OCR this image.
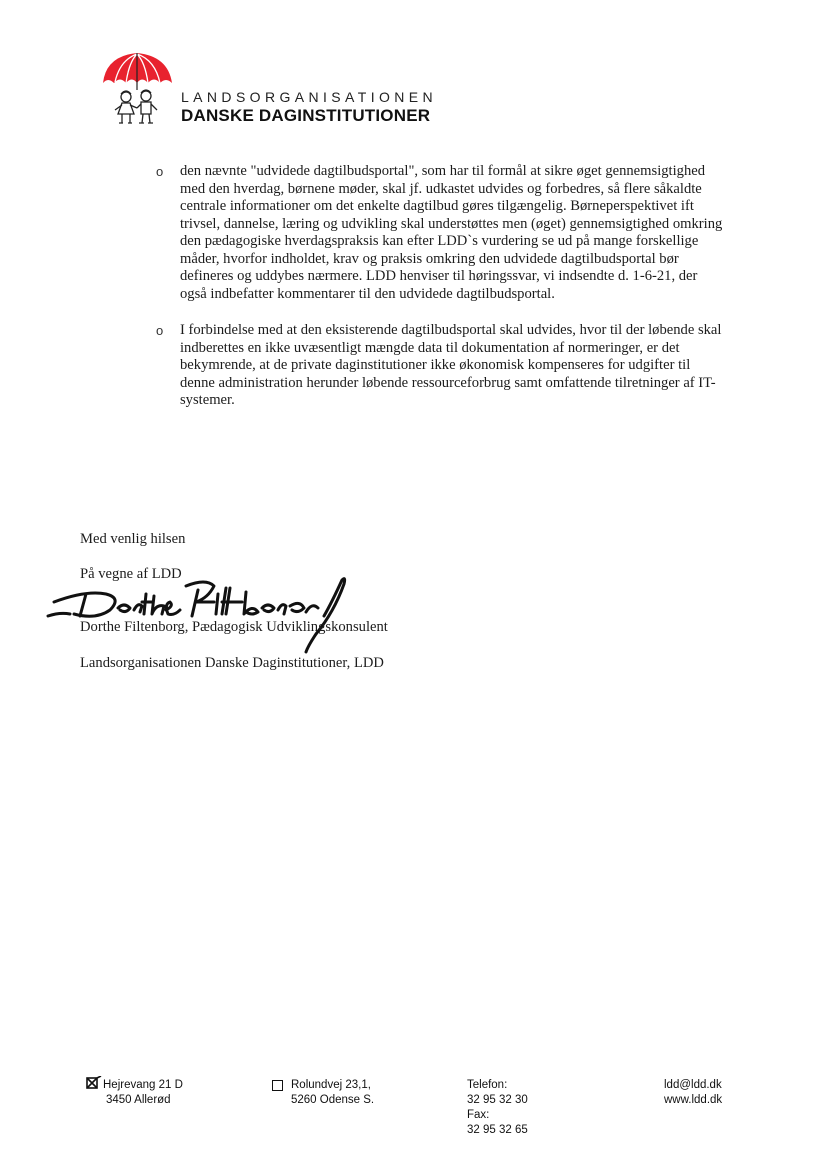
LANDSORGANISATIONEN
DANSKE DAGINSTITUTIONER
o den nævnte "udvidede dagtilbudsportal", som har til formål at sikre øget gennemsigtighed
med den hverdag, børnene møder, skal jf. udkastet udvides og forbedres, så flere såkaldte
centrale informationer om det enkelte dagtilbud gøres tilgængelig. Børneperspektivet ift
trivsel, dannelse, læring og udvikling skal understøttes men (øget) gennemsigtighed omkring
den pædagogiske hverdagspraksis kan efter LDD`s vurdering se ud på mange forskellige
måder, hvorfor indholdet, krav og praksis omkring den udvidede dagtilbudsportal bør
defineres og uddybes nærmere. LDD henviser til høringssvar, vi indsendte d. 1-6-21, der
også indbefatter kommentarer til den udvidede dagtilbudsportal.
o I forbindelse med at den eksisterende dagtilbudsportal skal udvides, hvor til der løbende skal
indberettes en ikke uvæsentligt mængde data til dokumentation af normeringer, er det
bekymrende, at de private daginstitutioner ikke økonomisk kompenseres for udgifter til
denne administration herunder løbende ressourceforbrug samt omfattende tilretninger af IT-
systemer.
Med venlig hilsen
På vegne af LDD
Dorthe Filtenborg, Pædagogisk Udviklingskonsulent
Landsorganisationen Danske Daginstitutioner, LDD
Hejrevang 21 D
3450 Allerød
Rolundvej 23,1,
5260 Odense S.
Telefon:
32 95 32 30
Fax:
32 95 32 65
ldd@ldd.dk
www.ldd.dk
